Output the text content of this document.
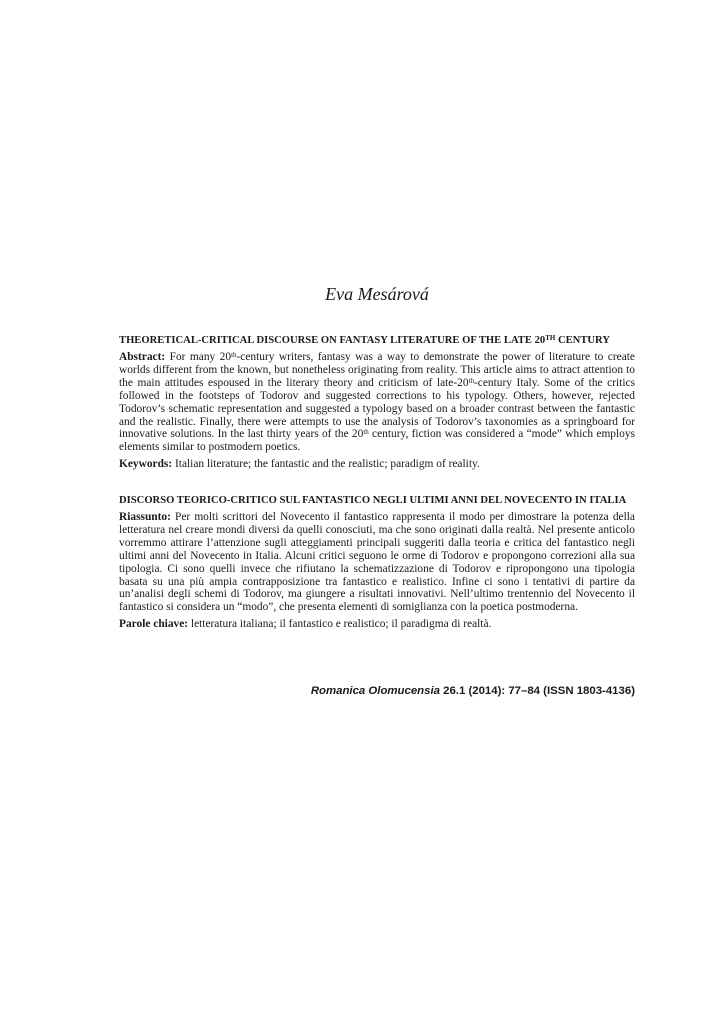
Eva Mesárová

THEORETICAL-CRITICAL DISCOURSE ON FANTASY LITERATURE OF THE LATE 20TH CENTURY

Abstract: For many 20th-century writers, fantasy was a way to demonstrate the power of literature to create worlds different from the known, but nonetheless originating from reality. This article aims to attract attention to the main attitudes espoused in the literary theory and criticism of late-20th-century Italy. Some of the critics followed in the footsteps of Todorov and suggested corrections to his typology. Others, however, rejected Todorov’s schematic representation and suggested a typology based on a broader contrast between the fantastic and the realistic. Finally, there were attempts to use the analysis of Todorov’s taxonomies as a springboard for innovative solutions. In the last thirty years of the 20th century, fiction was considered a “mode” which employs elements similar to postmodern poetics.

Keywords: Italian literature; the fantastic and the realistic; paradigm of reality.

DISCORSO TEORICO-CRITICO SUL FANTASTICO NEGLI ULTIMI ANNI DEL NOVECENTO IN ITALIA

Riassunto: Per molti scrittori del Novecento il fantastico rappresenta il modo per dimostrare la potenza della letteratura nel creare mondi diversi da quelli conosciuti, ma che sono originati dalla realtà. Nel presente anticolo vorremmo attirare l’attenzione sugli atteggiamenti principali suggeriti dalla teoria e critica del fantastico negli ultimi anni del Novecento in Italia. Alcuni critici seguono le orme di Todorov e propongono correzioni alla sua tipologia. Ci sono quelli invece che rifiutano la schematizzazione di Todorov e ripropongono una tipologia basata su una più ampia contrapposizione tra fantastico e realistico. Infine ci sono i tentativi di partire da un’analisi degli schemi di Todorov, ma giungere a risultati innovativi. Nell’ultimo trentennio del Novecento il fantastico si considera un “modo”, che presenta elementi di somiglianza con la poetica postmoderna.

Parole chiave: letteratura italiana; il fantastico e realistico; il paradigma di realtà.

Romanica Olomucensia 26.1 (2014): 77–84 (ISSN 1803-4136)
